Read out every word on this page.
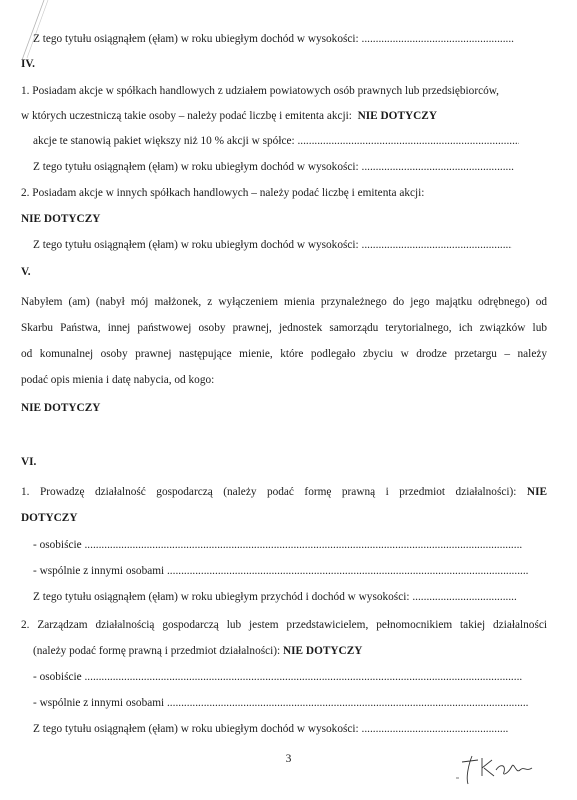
Z tego tytułu osiągnąłem (ęłam) w roku ubiegłym dochód w wysokości: .....
IV.
1. Posiadam akcje w spółkach handlowych z udziałem powiatowych osób prawnych lub przedsiębiorców,
w których uczestniczą takie osoby – należy podać liczbę i emitenta akcji: NIE DOTYCZY
akcje te stanowią pakiet większy niż 10 % akcji w spółce: .....
Z tego tytułu osiągnąłem (ęłam) w roku ubiegłym dochód w wysokości: .....
2. Posiadam akcje w innych spółkach handlowych – należy podać liczbę i emitenta akcji:
NIE DOTYCZY
Z tego tytułu osiągnąłem (ęłam) w roku ubiegłym dochód w wysokości: .....
V.
Nabyłem (am) (nabył mój małżonek, z wyłączeniem mienia przynależnego do jego majątku odrębnego) od
Skarbu Państwa, innej państwowej osoby prawnej, jednostek samorządu terytorialnego, ich związków lub
od komunalnej osoby prawnej następujące mienie, które podlegało zbyciu w drodze przetargu – należy
podać opis mienia i datę nabycia, od kogo:
NIE DOTYCZY
VI.
1. Prowadzę działalność gospodarczą (należy podać formę prawną i przedmiot działalności): NIE
DOTYCZY
- osobiście .....
- wspólnie z innymi osobami .....
Z tego tytułu osiągnąłem (ęłam) w roku ubiegłym przychód i dochód w wysokości: .....
2. Zarządzam działalnością gospodarczą lub jestem przedstawicielem, pełnomocnikiem takiej działalności
(należy podać formę prawną i przedmiot działalności): NIE DOTYCZY
- osobiście .....
- wspólnie z innymi osobami .....
Z tego tytułu osiągnąłem (ęłam) w roku ubiegłym dochód w wysokości: .....
3
